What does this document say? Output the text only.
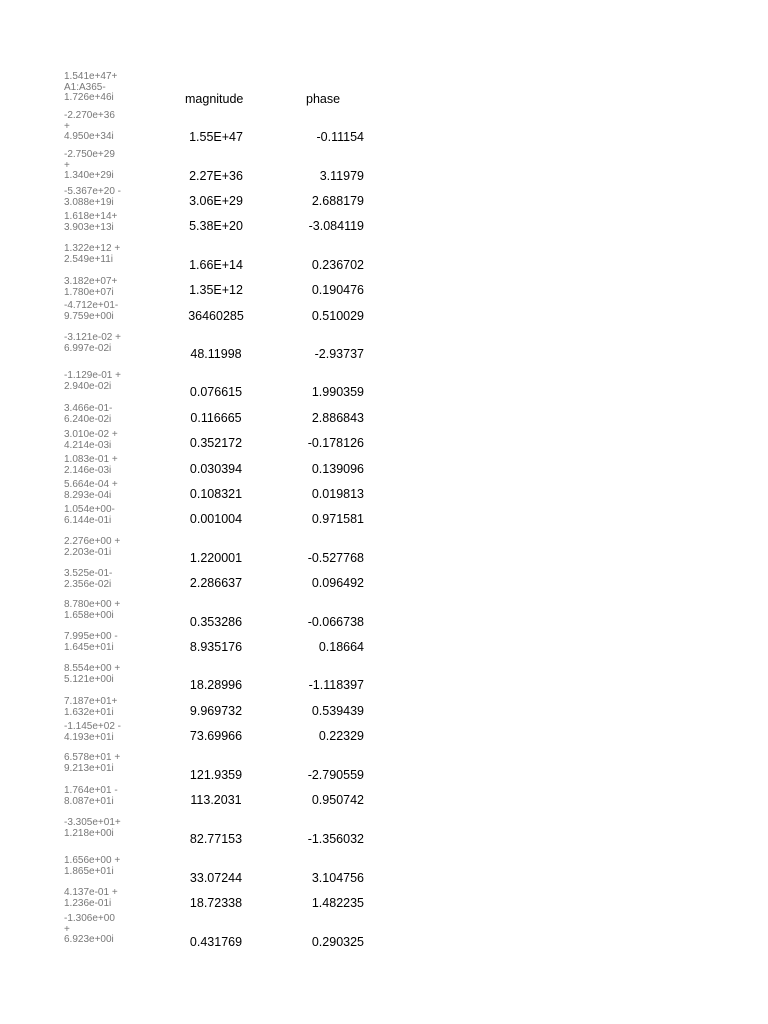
magnitude	phase
1.541e+47+
A1:A365-
1.726e+46i
-2.270e+36
+
4.950e+34i	1.55E+47	-0.11154
-2.750e+29
+
1.340e+29i	2.27E+36	3.11979
-5.367e+20 -
3.088e+19i	3.06E+29	2.688179
1.618e+14+
3.903e+13i	5.38E+20	-3.084119
1.322e+12 +
2.549e+11i	1.66E+14	0.236702
3.182e+07+
1.780e+07i	1.35E+12	0.190476
-4.712e+01-
9.759e+00i	36460285	0.510029
-3.121e-02 +
6.997e-02i	48.11998	-2.93737
-1.129e-01 +
2.940e-02i	0.076615	1.990359
3.466e-01-
6.240e-02i	0.116665	2.886843
3.010e-02 +
4.214e-03i	0.352172	-0.178126
1.083e-01 +
2.146e-03i	0.030394	0.139096
5.664e-04 +
8.293e-04i	0.108321	0.019813
1.054e+00-
6.144e-01i	0.001004	0.971581
2.276e+00 +
2.203e-01i	1.220001	-0.527768
3.525e-01-
2.356e-02i	2.286637	0.096492
8.780e+00 +
1.658e+00i	0.353286	-0.066738
7.995e+00 -
1.645e+01i	8.935176	0.18664
8.554e+00 +
5.121e+00i	18.28996	-1.118397
7.187e+01+
1.632e+01i	9.969732	0.539439
-1.145e+02 -
4.193e+01i	73.69966	0.22329
6.578e+01 +
9.213e+01i	121.9359	-2.790559
1.764e+01 -
8.087e+01i	113.2031	0.950742
-3.305e+01+
1.218e+00i	82.77153	-1.356032
1.656e+00 +
1.865e+01i	33.07244	3.104756
4.137e-01 +
1.236e-01i	18.72338	1.482235
-1.306e+00
+
6.923e+00i	0.431769	0.290325
